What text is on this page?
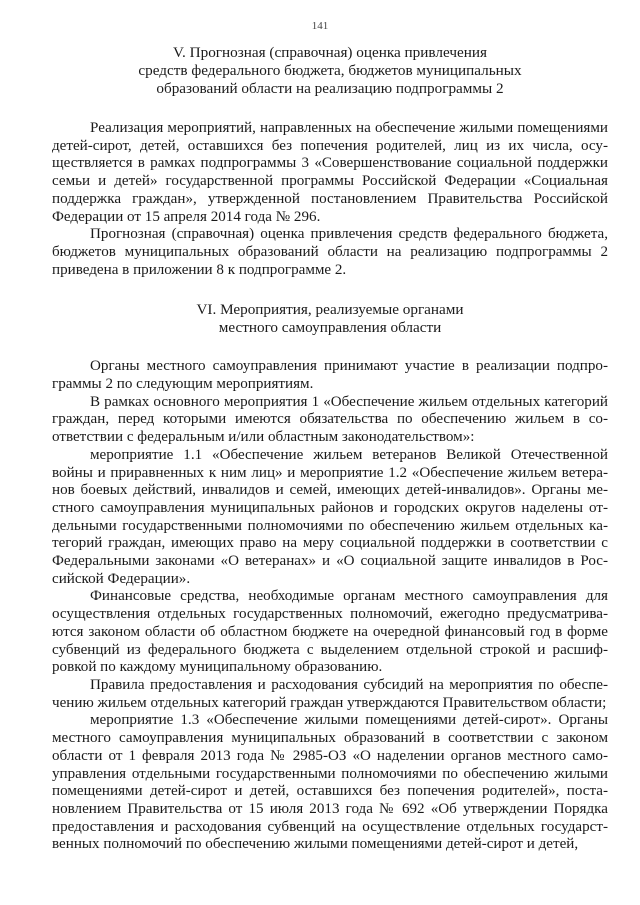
141
V. Прогнозная (справочная) оценка привлечения
средств федерального бюджета, бюджетов муниципальных
образований области на реализацию подпрограммы 2

Реализация мероприятий, направленных на обеспечение жилыми помещениями детей-сирот, детей, оставшихся без попечения родителей, лиц из их числа, осуществляется в рамках подпрограммы 3 «Совершенствование социальной поддержки семьи и детей» государственной программы Российской Федерации «Социальная поддержка граждан», утвержденной постановлением Правительства Российской Федерации от 15 апреля 2014 года № 296.

Прогнозная (справочная) оценка привлечения средств федерального бюджета, бюджетов муниципальных образований области на реализацию подпрограммы 2 приведена в приложении 8 к подпрограмме 2.

VI. Мероприятия, реализуемые органами
местного самоуправления области

Органы местного самоуправления принимают участие в реализации подпрограммы 2 по следующим мероприятиям.

В рамках основного мероприятия 1 «Обеспечение жильем отдельных категорий граждан, перед которыми имеются обязательства по обеспечению жильем в соответствии с федеральным и/или областным законодательством»:

мероприятие 1.1 «Обеспечение жильем ветеранов Великой Отечественной войны и приравненных к ним лиц» и мероприятие 1.2 «Обеспечение жильем ветеранов боевых действий, инвалидов и семей, имеющих детей-инвалидов». Органы местного самоуправления муниципальных районов и городских округов наделены отдельными государственными полномочиями по обеспечению жильем отдельных категорий граждан, имеющих право на меру социальной поддержки в соответствии с Федеральными законами «О ветеранах» и «О социальной защите инвалидов в Российской Федерации».

Финансовые средства, необходимые органам местного самоуправления для осуществления отдельных государственных полномочий, ежегодно предусматриваются законом области об областном бюджете на очередной финансовый год в форме субвенций из федерального бюджета с выделением отдельной строкой и расшифровкой по каждому муниципальному образованию.

Правила предоставления и расходования субсидий на мероприятия по обеспечению жильем отдельных категорий граждан утверждаются Правительством области;

мероприятие 1.3 «Обеспечение жилыми помещениями детей-сирот». Органы местного самоуправления муниципальных образований в соответствии с законом области от 1 февраля 2013 года № 2985-ОЗ «О наделении органов местного самоуправления отдельными государственными полномочиями по обеспечению жилыми помещениями детей-сирот и детей, оставшихся без попечения родителей», постановлением Правительства от 15 июля 2013 года № 692 «Об утверждении Порядка предоставления и расходования субвенций на осуществление отдельных государственных полномочий по обеспечению жилыми помещениями детей-сирот и детей,
